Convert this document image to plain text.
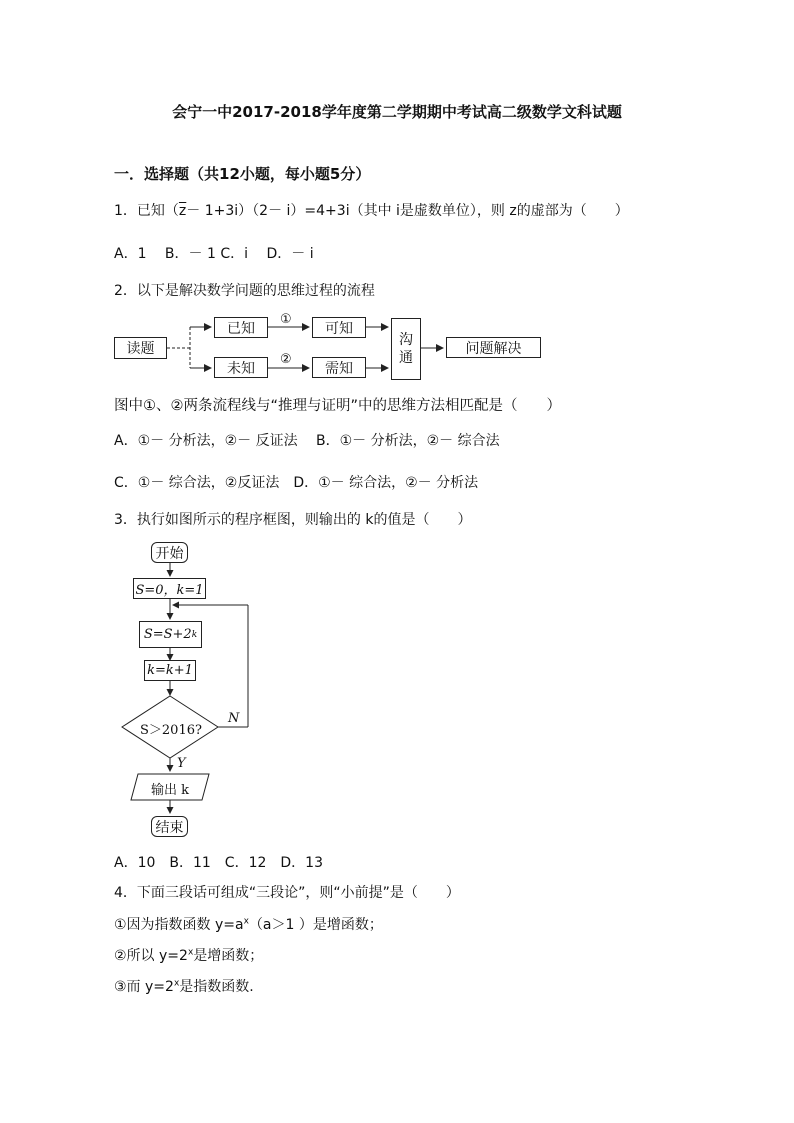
会宁一中2017-2018学年度第二学期期中考试高二级数学文科试题
一．选择题（共12小题，每小题5分）
1．已知$(\overline{z}- 1+3i)(2- i)=4+3i$（其中 i是虚数单位），则 z的虚部为（　　）
A．1　 B．－ 1 C．i　 D．－ i
2．以下是解决数学问题的思维过程的流程
读题
已知
未知
①
②
可知
需知
沟
通
问题解决
图中①、②两条流程线与“推理与证明”中的思维方法相匹配是（　　）
A．①－ 分析法，②－ 反证法　 B．①－ 分析法，②－ 综合法
C．①－ 综合法，②反证法　D．①－ 综合法，②－ 分析法
3．执行如图所示的程序框图，则输出的 k的值是（　　）
开始
S=0，k=1
S=S+2 k
k=k+1
S＞2016?
N
Y
输出 k
结束
A．10　B．11　C．12　D．13
4．下面三段话可组成“三段论”，则“小前提”是（　　）
①因为指数函数 $y=a^x(a>1$ ）是增函数；
②所以 $y=2^x$是增函数；
③而 $y=2^x$是指数函数.
